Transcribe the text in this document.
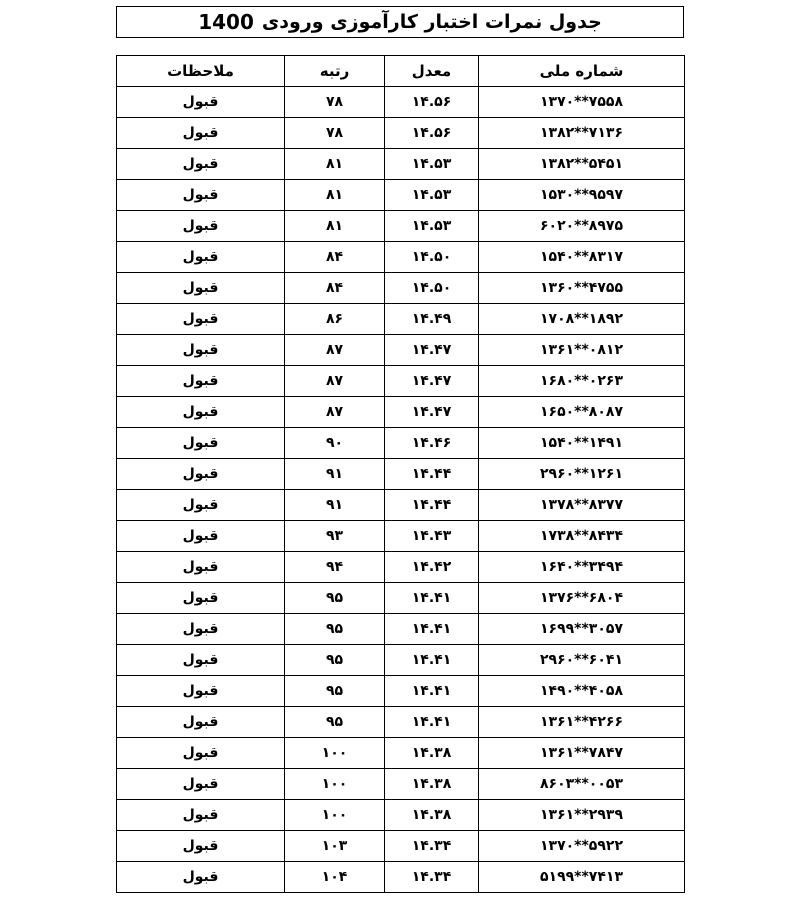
جدول نمرات اختبار کارآموزی ورودی
1400
شماره ملی	معدل	رتبه	ملاحظات
۱۳۷۰**۷۵۵۸	۱۴.۵۶	۷۸	قبول
۱۳۸۲**۷۱۳۶	۱۴.۵۶	۷۸	قبول
۱۳۸۲**۵۴۵۱	۱۴.۵۳	۸۱	قبول
۱۵۳۰**۹۵۹۷	۱۴.۵۳	۸۱	قبول
۶۰۲۰**۸۹۷۵	۱۴.۵۳	۸۱	قبول
۱۵۴۰**۸۳۱۷	۱۴.۵۰	۸۴	قبول
۱۳۶۰**۴۷۵۵	۱۴.۵۰	۸۴	قبول
۱۷۰۸**۱۸۹۲	۱۴.۴۹	۸۶	قبول
۱۳۶۱**۰۸۱۲	۱۴.۴۷	۸۷	قبول
۱۶۸۰**۰۲۶۳	۱۴.۴۷	۸۷	قبول
۱۶۵۰**۸۰۸۷	۱۴.۴۷	۸۷	قبول
۱۵۴۰**۱۴۹۱	۱۴.۴۶	۹۰	قبول
۲۹۶۰**۱۲۶۱	۱۴.۴۴	۹۱	قبول
۱۳۷۸**۸۳۷۷	۱۴.۴۴	۹۱	قبول
۱۷۳۸**۸۴۳۴	۱۴.۴۳	۹۳	قبول
۱۶۴۰**۳۴۹۴	۱۴.۴۲	۹۴	قبول
۱۳۷۶**۶۸۰۴	۱۴.۴۱	۹۵	قبول
۱۶۹۹**۳۰۵۷	۱۴.۴۱	۹۵	قبول
۲۹۶۰**۶۰۴۱	۱۴.۴۱	۹۵	قبول
۱۴۹۰**۴۰۵۸	۱۴.۴۱	۹۵	قبول
۱۳۶۱**۴۲۶۶	۱۴.۴۱	۹۵	قبول
۱۳۶۱**۷۸۴۷	۱۴.۳۸	۱۰۰	قبول
۸۶۰۳**۰۰۵۳	۱۴.۳۸	۱۰۰	قبول
۱۳۶۱**۲۹۳۹	۱۴.۳۸	۱۰۰	قبول
۱۳۷۰**۵۹۲۲	۱۴.۳۴	۱۰۳	قبول
۵۱۹۹**۷۴۱۳	۱۴.۳۴	۱۰۴	قبول
